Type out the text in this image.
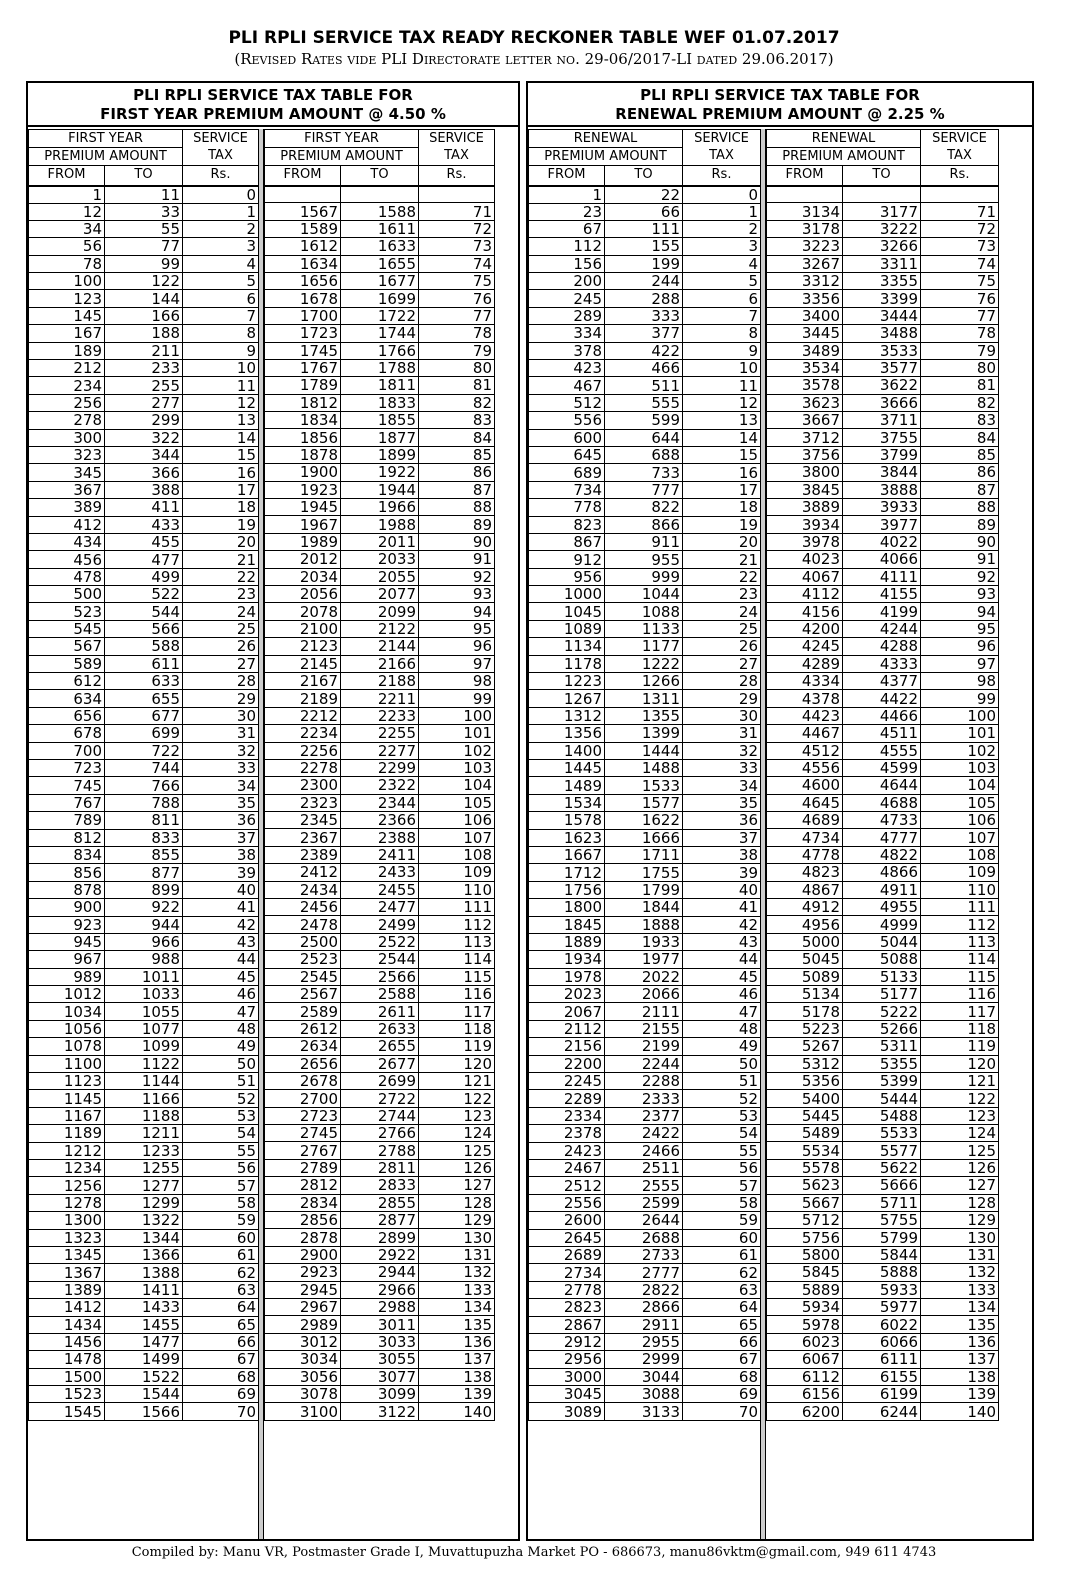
PLI RPLI SERVICE TAX READY RECKONER TABLE WEF 01.07.2017
(Revised Rates vide PLI Directorate letter no. 29-06/2017-LI dated 29.06.2017)
PLI RPLI SERVICE TAX TABLE FOR
FIRST YEAR PREMIUM AMOUNT @ 4.50 %
FIRST YEAR		SERVICE
PREMIUM AMOUNT		TAX
FROM	TO	Rs.
1	11	0
12	33	1
34	55	2
56	77	3
78	99	4
100	122	5
123	144	6
145	166	7
167	188	8
189	211	9
212	233	10
234	255	11
256	277	12
278	299	13
300	322	14
323	344	15
345	366	16
367	388	17
389	411	18
412	433	19
434	455	20
456	477	21
478	499	22
500	522	23
523	544	24
545	566	25
567	588	26
589	611	27
612	633	28
634	655	29
656	677	30
678	699	31
700	722	32
723	744	33
745	766	34
767	788	35
789	811	36
812	833	37
834	855	38
856	877	39
878	899	40
900	922	41
923	944	42
945	966	43
967	988	44
989	1011	45
1012	1033	46
1034	1055	47
1056	1077	48
1078	1099	49
1100	1122	50
1123	1144	51
1145	1166	52
1167	1188	53
1189	1211	54
1212	1233	55
1234	1255	56
1256	1277	57
1278	1299	58
1300	1322	59
1323	1344	60
1345	1366	61
1367	1388	62
1389	1411	63
1412	1433	64
1434	1455	65
1456	1477	66
1478	1499	67
1500	1522	68
1523	1544	69
1545	1566	70
FIRST YEAR		SERVICE
PREMIUM AMOUNT		TAX
FROM	TO	Rs.

1567	1588	71
1589	1611	72
1612	1633	73
1634	1655	74
1656	1677	75
1678	1699	76
1700	1722	77
1723	1744	78
1745	1766	79
1767	1788	80
1789	1811	81
1812	1833	82
1834	1855	83
1856	1877	84
1878	1899	85
1900	1922	86
1923	1944	87
1945	1966	88
1967	1988	89
1989	2011	90
2012	2033	91
2034	2055	92
2056	2077	93
2078	2099	94
2100	2122	95
2123	2144	96
2145	2166	97
2167	2188	98
2189	2211	99
2212	2233	100
2234	2255	101
2256	2277	102
2278	2299	103
2300	2322	104
2323	2344	105
2345	2366	106
2367	2388	107
2389	2411	108
2412	2433	109
2434	2455	110
2456	2477	111
2478	2499	112
2500	2522	113
2523	2544	114
2545	2566	115
2567	2588	116
2589	2611	117
2612	2633	118
2634	2655	119
2656	2677	120
2678	2699	121
2700	2722	122
2723	2744	123
2745	2766	124
2767	2788	125
2789	2811	126
2812	2833	127
2834	2855	128
2856	2877	129
2878	2899	130
2900	2922	131
2923	2944	132
2945	2966	133
2967	2988	134
2989	3011	135
3012	3033	136
3034	3055	137
3056	3077	138
3078	3099	139
3100	3122	140
PLI RPLI SERVICE TAX TABLE FOR
RENEWAL PREMIUM AMOUNT @ 2.25 %
RENEWAL		SERVICE
PREMIUM AMOUNT		TAX
FROM	TO	Rs.
1	22	0
23	66	1
67	111	2
112	155	3
156	199	4
200	244	5
245	288	6
289	333	7
334	377	8
378	422	9
423	466	10
467	511	11
512	555	12
556	599	13
600	644	14
645	688	15
689	733	16
734	777	17
778	822	18
823	866	19
867	911	20
912	955	21
956	999	22
1000	1044	23
1045	1088	24
1089	1133	25
1134	1177	26
1178	1222	27
1223	1266	28
1267	1311	29
1312	1355	30
1356	1399	31
1400	1444	32
1445	1488	33
1489	1533	34
1534	1577	35
1578	1622	36
1623	1666	37
1667	1711	38
1712	1755	39
1756	1799	40
1800	1844	41
1845	1888	42
1889	1933	43
1934	1977	44
1978	2022	45
2023	2066	46
2067	2111	47
2112	2155	48
2156	2199	49
2200	2244	50
2245	2288	51
2289	2333	52
2334	2377	53
2378	2422	54
2423	2466	55
2467	2511	56
2512	2555	57
2556	2599	58
2600	2644	59
2645	2688	60
2689	2733	61
2734	2777	62
2778	2822	63
2823	2866	64
2867	2911	65
2912	2955	66
2956	2999	67
3000	3044	68
3045	3088	69
3089	3133	70
RENEWAL		SERVICE
PREMIUM AMOUNT		TAX
FROM	TO	Rs.

3134	3177	71
3178	3222	72
3223	3266	73
3267	3311	74
3312	3355	75
3356	3399	76
3400	3444	77
3445	3488	78
3489	3533	79
3534	3577	80
3578	3622	81
3623	3666	82
3667	3711	83
3712	3755	84
3756	3799	85
3800	3844	86
3845	3888	87
3889	3933	88
3934	3977	89
3978	4022	90
4023	4066	91
4067	4111	92
4112	4155	93
4156	4199	94
4200	4244	95
4245	4288	96
4289	4333	97
4334	4377	98
4378	4422	99
4423	4466	100
4467	4511	101
4512	4555	102
4556	4599	103
4600	4644	104
4645	4688	105
4689	4733	106
4734	4777	107
4778	4822	108
4823	4866	109
4867	4911	110
4912	4955	111
4956	4999	112
5000	5044	113
5045	5088	114
5089	5133	115
5134	5177	116
5178	5222	117
5223	5266	118
5267	5311	119
5312	5355	120
5356	5399	121
5400	5444	122
5445	5488	123
5489	5533	124
5534	5577	125
5578	5622	126
5623	5666	127
5667	5711	128
5712	5755	129
5756	5799	130
5800	5844	131
5845	5888	132
5889	5933	133
5934	5977	134
5978	6022	135
6023	6066	136
6067	6111	137
6112	6155	138
6156	6199	139
6200	6244	140
Compiled by: Manu VR, Postmaster Grade I, Muvattupuzha Market PO - 686673, manu86vktm@gmail.com, 949 611 4743
